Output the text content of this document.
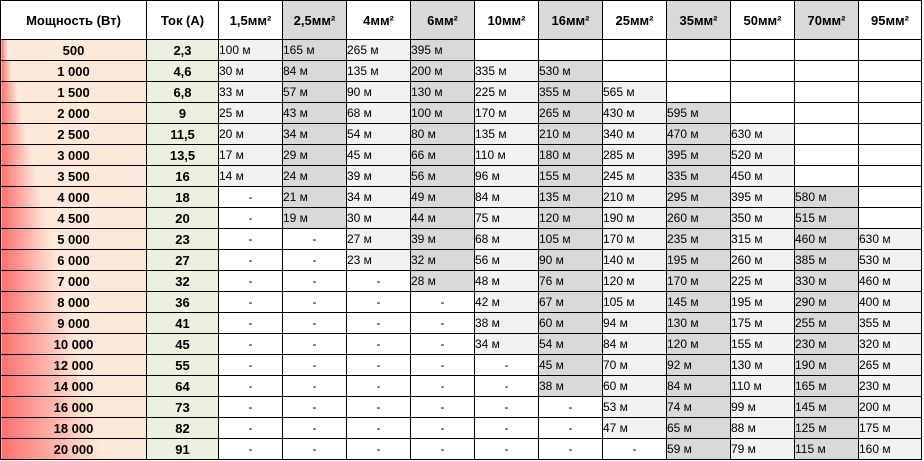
Мощность (Вт)	Ток (А)	1,5мм²	2,5мм²	4мм²	6мм²	10мм²	16мм²	25мм²	35мм²	50мм²	70мм²	95мм²
500	2,3	100 м	165 м	265 м	395 м							
1 000	4,6	30 м	84 м	135 м	200 м	335 м	530 м					
1 500	6,8	33 м	57 м	90 м	130 м	225 м	355 м	565 м				
2 000	9	25 м	43 м	68 м	100 м	170 м	265 м	430 м	595 м			
2 500	11,5	20 м	34 м	54 м	80 м	135 м	210 м	340 м	470 м	630 м		
3 000	13,5	17 м	29 м	45 м	66 м	110 м	180 м	285 м	395 м	520 м		
3 500	16	14 м	24 м	39 м	56 м	96 м	155 м	245 м	335 м	450 м		
4 000	18	-	21 м	34 м	49 м	84 м	135 м	210 м	295 м	395 м	580 м	
4 500	20	-	19 м	30 м	44 м	75 м	120 м	190 м	260 м	350 м	515 м	
5 000	23	-	-	27 м	39 м	68 м	105 м	170 м	235 м	315 м	460 м	630 м
6 000	27	-	-	23 м	32 м	56 м	90 м	140 м	195 м	260 м	385 м	530 м
7 000	32	-	-	-	28 м	48 м	76 м	120 м	170 м	225 м	330 м	460 м
8 000	36	-	-	-	-	42 м	67 м	105 м	145 м	195 м	290 м	400 м
9 000	41	-	-	-	-	38 м	60 м	94 м	130 м	175 м	255 м	355 м
10 000	45	-	-	-	-	34 м	54 м	84 м	120 м	155 м	230 м	320 м
12 000	55	-	-	-	-	-	45 м	70 м	92 м	130 м	190 м	265 м
14 000	64	-	-	-	-	-	38 м	60 м	84 м	110 м	165 м	230 м
16 000	73	-	-	-	-	-	-	53 м	74 м	99 м	145 м	200 м
18 000	82	-	-	-	-	-	-	47 м	65 м	88 м	125 м	175 м
20 000	91	-	-	-	-	-	-	-	59 м	79 м	115 м	160 м
